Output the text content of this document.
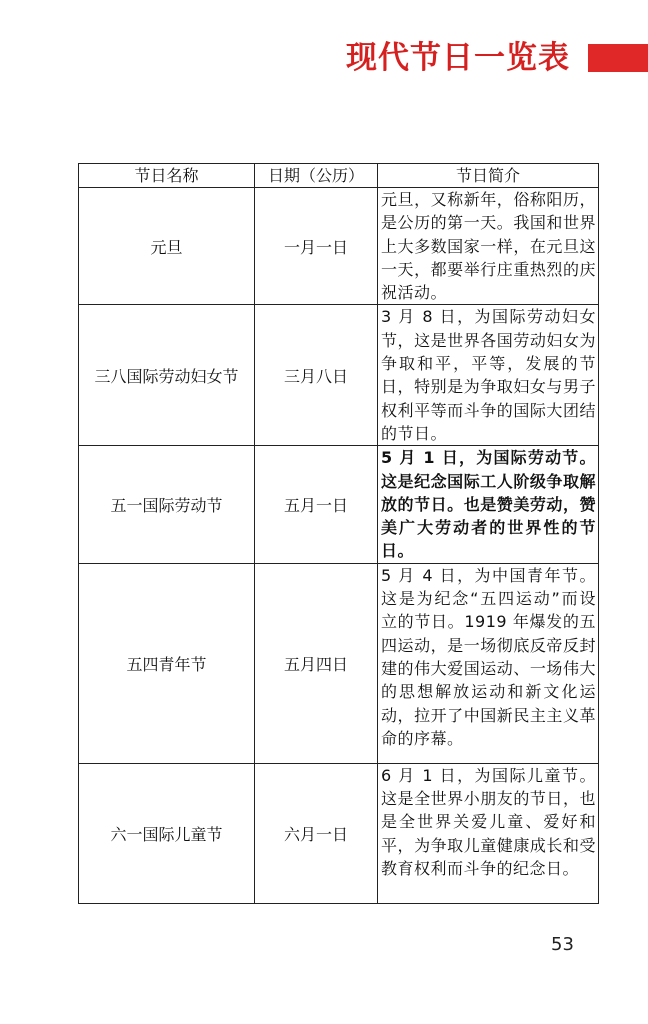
现代节日一览表
节日名称	日期（公历）	节日简介
元旦	一月一日	元旦，又称新年，俗称阳历，是公历的第一天。我国和世界上大多数国家一样，在元旦这一天，都要举行庄重热烈的庆祝活动。
三八国际劳动妇女节	三月八日	3 月 8 日，为国际劳动妇女节，这是世界各国劳动妇女为争取和平，平等，发展的节日，特别是为争取妇女与男子权利平等而斗争的国际大团结的节日。
五一国际劳动节	五月一日	5 月 1 日，为国际劳动节。这是纪念国际工人阶级争取解放的节日。也是赞美劳动，赞美广大劳动者的世界性的节日。
五四青年节	五月四日	5 月 4 日，为中国青年节。这是为纪念“五四运动”而设立的节日。1919 年爆发的五四运动，是一场彻底反帝反封建的伟大爱国运动、一场伟大的思想解放运动和新文化运动，拉开了中国新民主主义革命的序幕。
六一国际儿童节	六月一日	6 月 1 日，为国际儿童节。这是全世界小朋友的节日，也是全世界关爱儿童、爱好和平，为争取儿童健康成长和受教育权利而斗争的纪念日。
53
